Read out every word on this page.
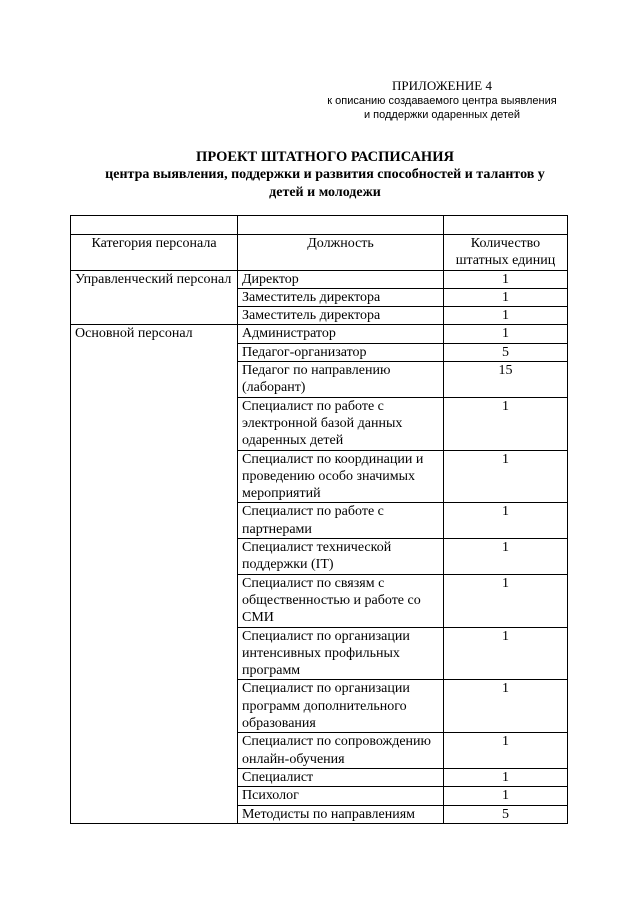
ПРИЛОЖЕНИЕ 4
к описанию создаваемого центра выявления
и поддержки одаренных детей
ПРОЕКТ ШТАТНОГО РАСПИСАНИЯ
центра выявления, поддержки и развития способностей и талантов у
детей и молодежи

Категория персонала	Должность	Количество штатных единиц
Управленческий персонал	Директор	1
	Заместитель директора	1
	Заместитель директора	1
Основной персонал	Администратор	1
	Педагог-организатор	5
	Педагог по направлению (лаборант)	15
	Специалист по работе с электронной базой данных одаренных детей	1
	Специалист по координации и проведению особо значимых мероприятий	1
	Специалист по работе с партнерами	1
	Специалист технической поддержки (IT)	1
	Специалист по связям с общественностью и работе со СМИ	1
	Специалист по организации интенсивных профильных программ	1
	Специалист по организации программ дополнительного образования	1
	Специалист по сопровождению онлайн-обучения	1
	Специалист	1
	Психолог	1
	Методисты по направлениям	5
